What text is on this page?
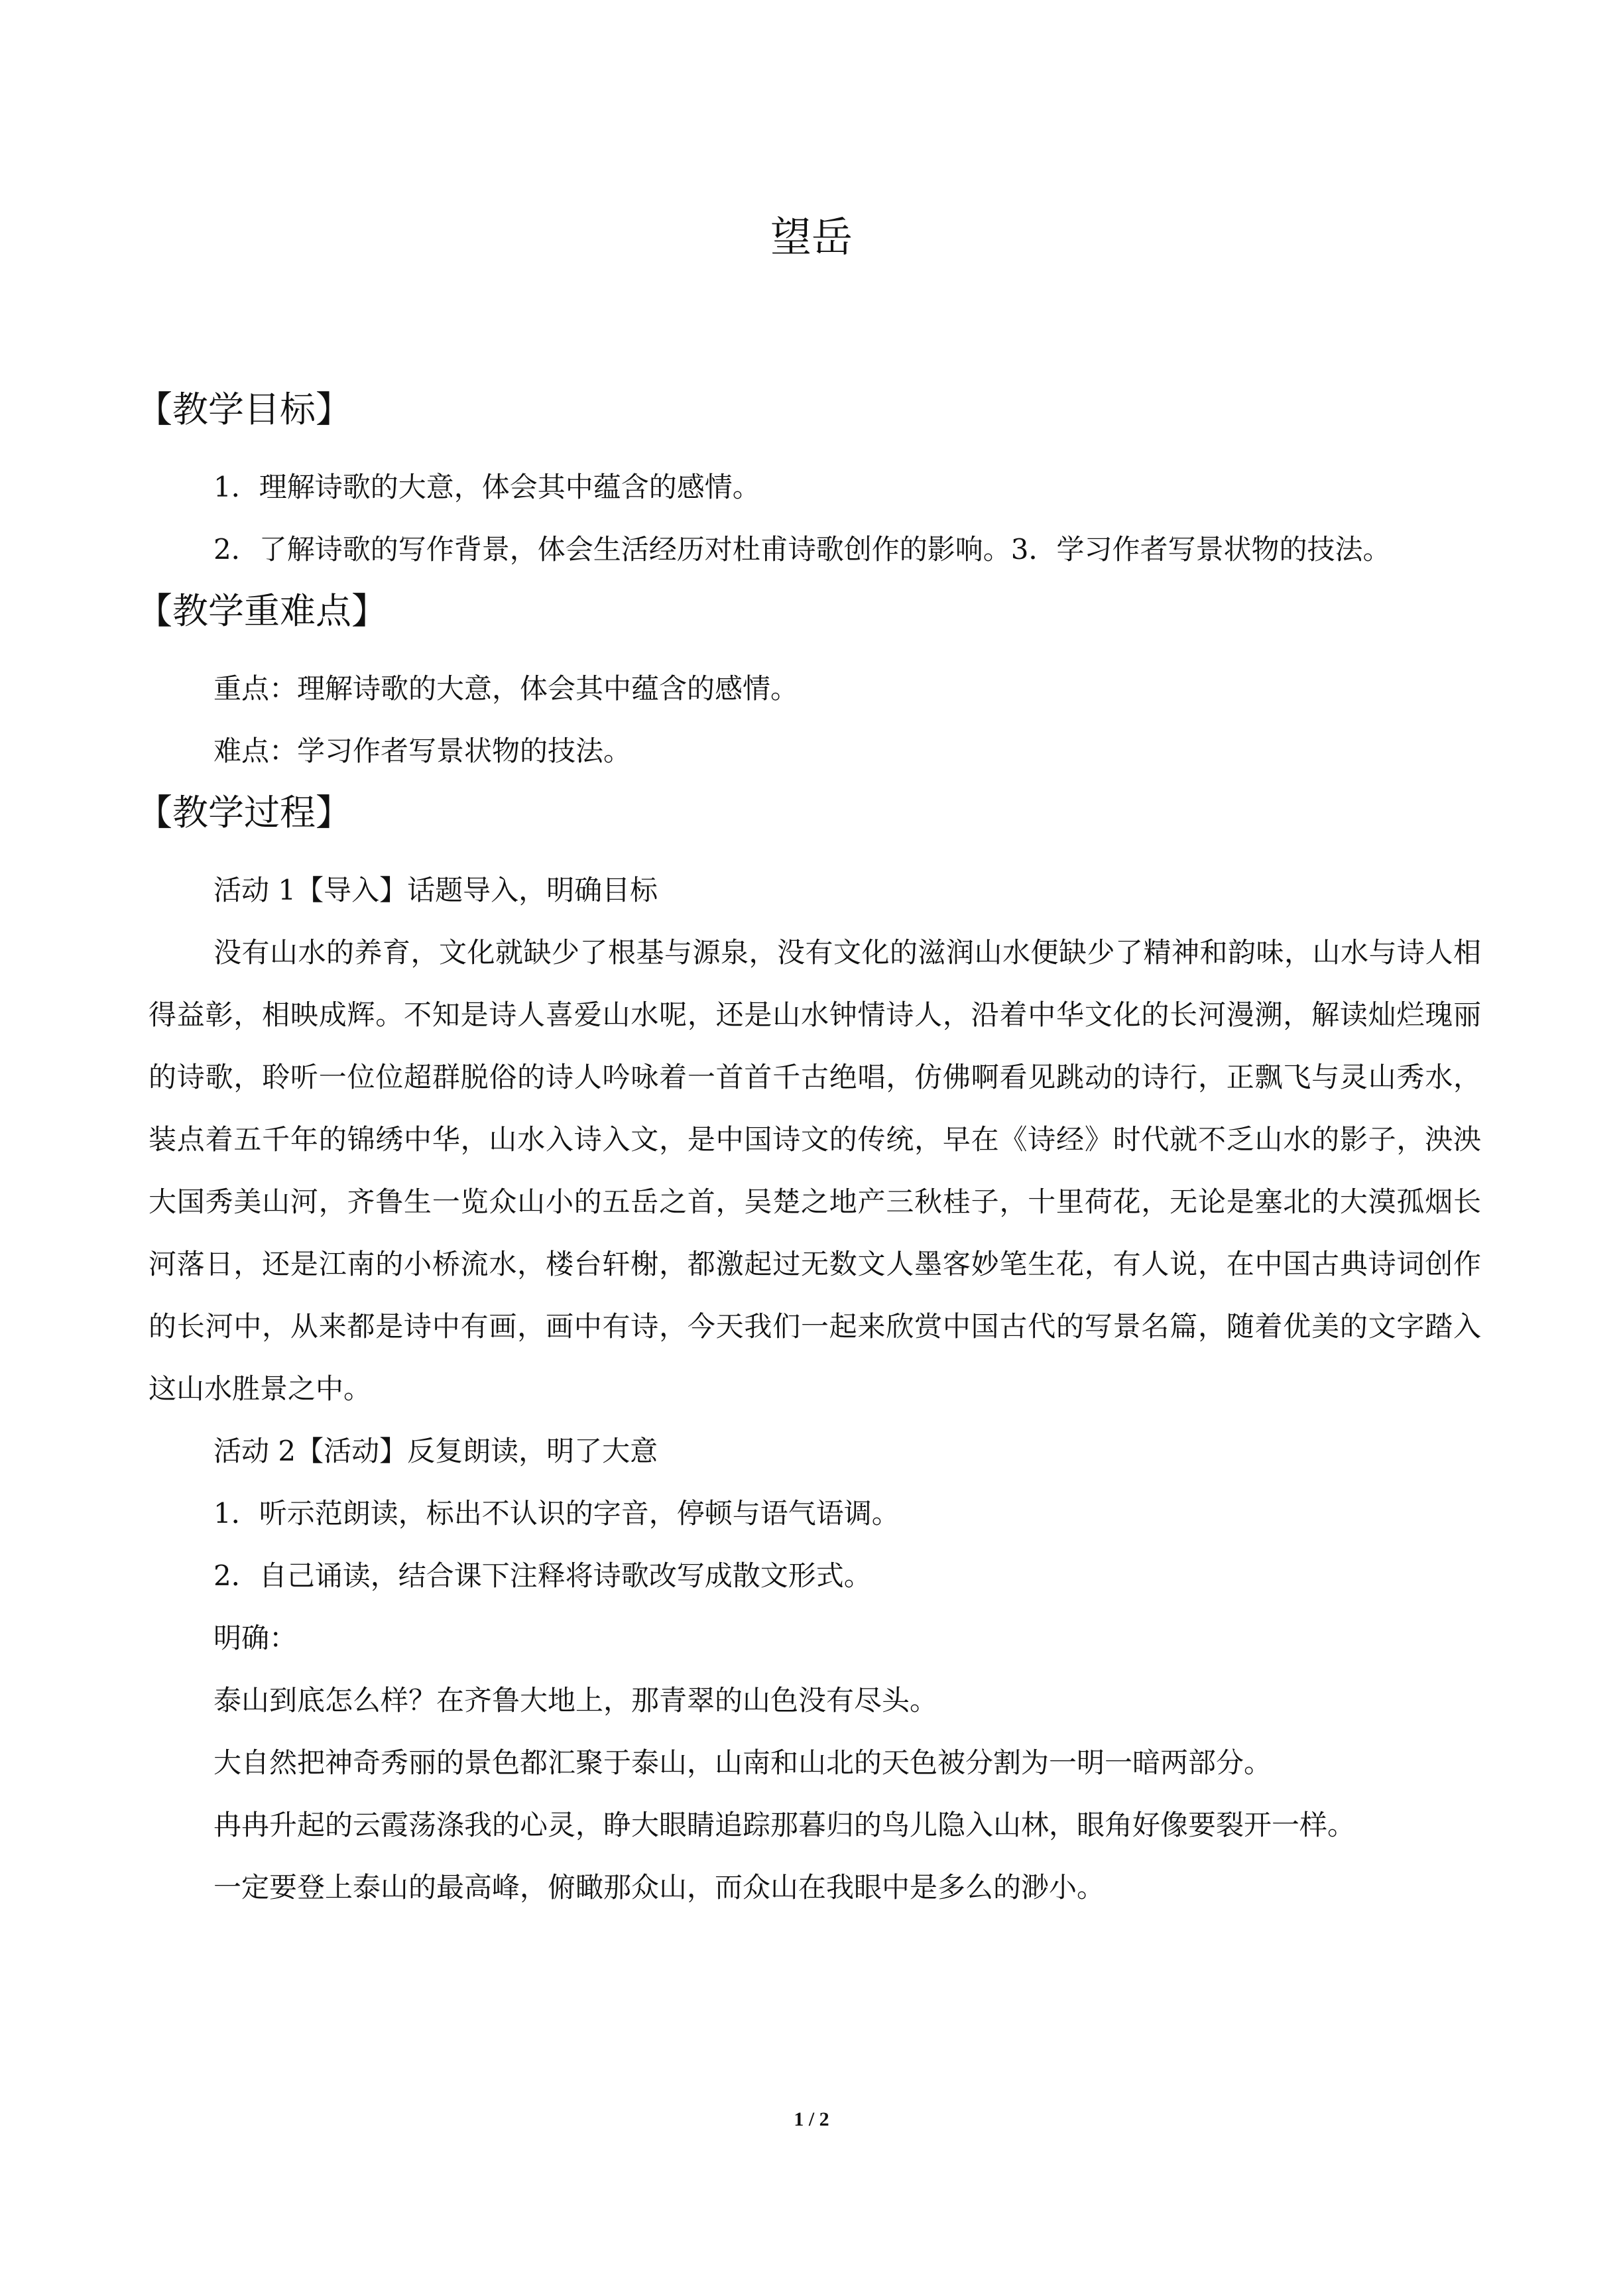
望岳
【教学目标】

1．理解诗歌的大意，体会其中蕴含的感情。

2．了解诗歌的写作背景，体会生活经历对杜甫诗歌创作的影响。3．学习作者写景状物的技法。

【教学重难点】

重点：理解诗歌的大意，体会其中蕴含的感情。

难点：学习作者写景状物的技法。

【教学过程】

活动 1【导入】话题导入，明确目标

没有山水的养育，文化就缺少了根基与源泉，没有文化的滋润山水便缺少了精神和韵味，山水与诗人相得益彰，相映成辉。不知是诗人喜爱山水呢，还是山水钟情诗人，沿着中华文化的长河漫溯，解读灿烂瑰丽的诗歌，聆听一位位超群脱俗的诗人吟咏着一首首千古绝唱，仿佛啊看见跳动的诗行，正飘飞与灵山秀水，装点着五千年的锦绣中华，山水入诗入文，是中国诗文的传统，早在《诗经》时代就不乏山水的影子，泱泱大国秀美山河，齐鲁生一览众山小的五岳之首，吴楚之地产三秋桂子，十里荷花，无论是塞北的大漠孤烟长河落日，还是江南的小桥流水，楼台轩榭，都激起过无数文人墨客妙笔生花，有人说，在中国古典诗词创作的长河中，从来都是诗中有画，画中有诗，今天我们一起来欣赏中国古代的写景名篇，随着优美的文字踏入这山水胜景之中。

活动 2【活动】反复朗读，明了大意

1．听示范朗读，标出不认识的字音，停顿与语气语调。

2．自己诵读，结合课下注释将诗歌改写成散文形式。

明确：

泰山到底怎么样？在齐鲁大地上，那青翠的山色没有尽头。

大自然把神奇秀丽的景色都汇聚于泰山，山南和山北的天色被分割为一明一暗两部分。

冉冉升起的云霞荡涤我的心灵，睁大眼睛追踪那暮归的鸟儿隐入山林，眼角好像要裂开一样。

一定要登上泰山的最高峰，俯瞰那众山，而众山在我眼中是多么的渺小。

1 / 2
